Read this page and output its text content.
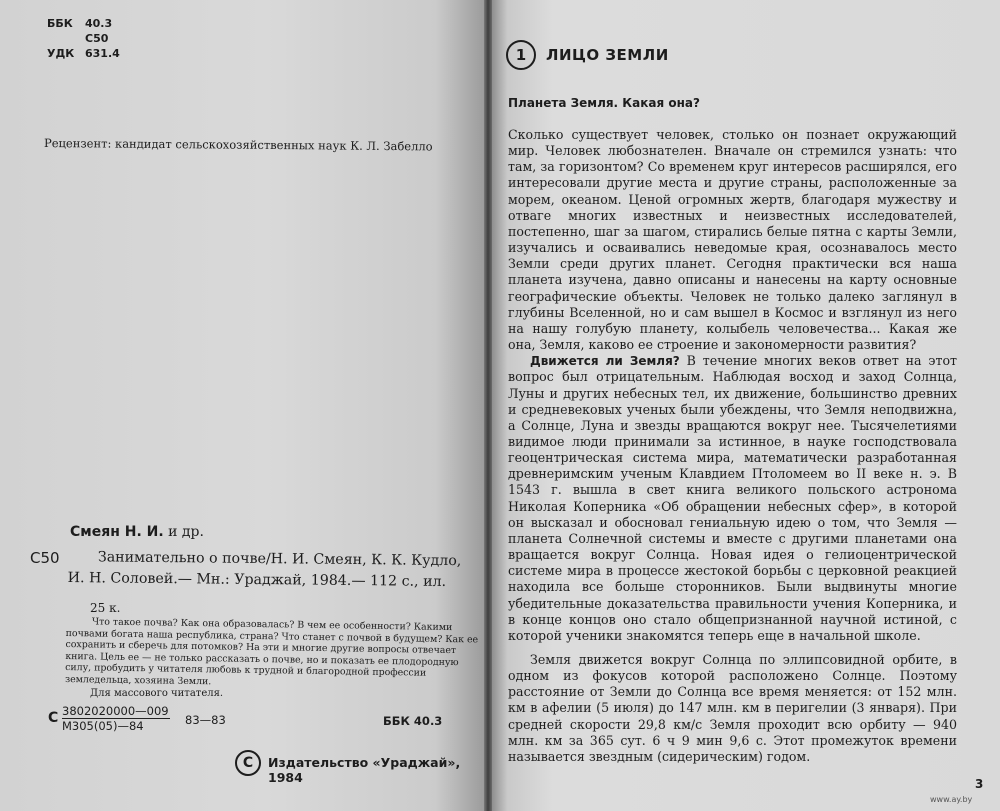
ББК	40.3
С50
УДК 631.4
Рецензент: кандидат сельскохозяйственных наук К. Л. Забелло
Смеян Н. И. и др.
С50	Занимательно о почве/Н. И. Смеян, К. К. Кудло, И. Н. Соловей.— Мн.: Ураджай, 1984.— 112 с., ил.
25 к.
Что такое почва? Как она образовалась? В чем ее особенности? Какими почвами богата наша республика, страна? Что станет с почвой в будущем? Как ее сохранить и сберечь для потомков? На эти и многие другие вопросы отвечает книга. Цель ее — не только рассказать о почве, но и показать ее плодородную силу, пробудить у читателя любовь к трудной и благородной профессии земледельца, хозяина Земли.
Для массового читателя.
С 3802020000—009
М305(05)—84	83—83	ББК 40.3
C	Издательство «Ураджай», 1984
1	ЛИЦО ЗЕМЛИ
Планета Земля. Какая она?

Сколько существует человек, столько он познает окружающий мир. Человек любознателен. Вначале он стремился узнать: что там, за горизонтом? Со временем круг интересов расширялся, его интересовали другие места и другие страны, расположенные за морем, океаном. Ценой огромных жертв, благодаря мужеству и отваге многих известных и неизвестных исследователей, постепенно, шаг за шагом, стирались белые пятна с карты Земли, изучались и осваивались неведомые края, осознавалось место Земли среди других планет. Сегодня практически вся наша планета изучена, давно описаны и нанесены на карту основные географические объекты. Человек не только далеко заглянул в глубины Вселенной, но и сам вышел в Космос и взглянул из него на нашу голубую планету, колыбель человечества... Какая же она, Земля, каково ее строение и закономерности развития?

Движется ли Земля? В течение многих веков ответ на этот вопрос был отрицательным. Наблюдая восход и заход Солнца, Луны и других небесных тел, их движение, большинство древних и средневековых ученых были убеждены, что Земля неподвижна, а Солнце, Луна и звезды вращаются вокруг нее. Тысячелетиями видимое люди принимали за истинное, в науке господствовала геоцентрическая система мира, математически разработанная древнеримским ученым Клавдием Птоломеем во II веке н. э. В 1543 г. вышла в свет книга великого польского астронома Николая Коперника «Об обращении небесных сфер», в которой он высказал и обосновал гениальную идею о том, что Земля — планета Солнечной системы и вместе с другими планетами она вращается вокруг Солнца. Новая идея о гелиоцентрической системе мира в процессе жестокой борьбы с церковной реакцией находила все больше сторонников. Были выдвинуты многие убедительные доказательства правильности учения Коперника, и в конце концов оно стало общепризнанной научной истиной, с которой ученики знакомятся теперь еще в начальной школе.

Земля движется вокруг Солнца по эллипсовидной орбите, в одном из фокусов которой расположено Солнце. Поэтому расстояние от Земли до Солнца все время меняется: от 152 млн. км в афелии (5 июля) до 147 млн. км в перигелии (3 января). При средней скорости 29,8 км/с Земля проходит всю орбиту — 940 млн. км за 365 сут. 6 ч 9 мин 9,6 с. Этот промежуток времени называется звездным (сидерическим) годом.

3
www.ay.by
